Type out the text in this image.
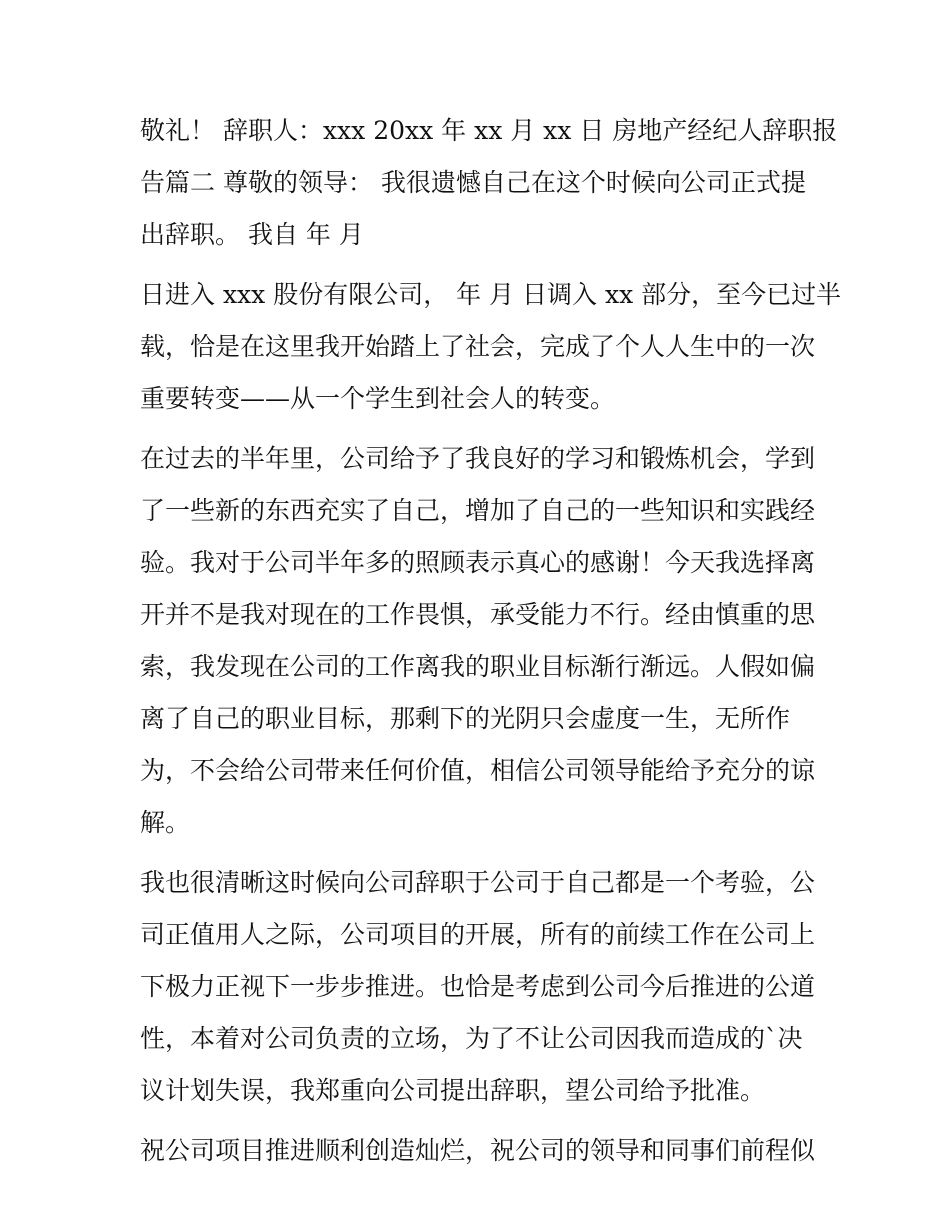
敬礼！ 辞职人：xxx 20xx 年 xx 月 xx 日 房地产经纪人辞职报
告篇二 尊敬的领导： 我很遗憾自己在这个时候向公司正式提
出辞职。 我自 年 月
日进入 xxx 股份有限公司， 年 月 日调入 xx 部分，至今已过半
载，恰是在这里我开始踏上了社会，完成了个人人生中的一次
重要转变——从一个学生到社会人的转变。
在过去的半年里，公司给予了我良好的学习和锻炼机会，学到
了一些新的东西充实了自己，增加了自己的一些知识和实践经
验。我对于公司半年多的照顾表示真心的感谢！今天我选择离
开并不是我对现在的工作畏惧，承受能力不行。经由慎重的思
索，我发现在公司的工作离我的职业目标渐行渐远。人假如偏
离了自己的职业目标，那剩下的光阴只会虚度一生，无所作
为，不会给公司带来任何价值，相信公司领导能给予充分的谅
解。
我也很清晰这时候向公司辞职于公司于自己都是一个考验，公
司正值用人之际，公司项目的开展，所有的前续工作在公司上
下极力正视下一步步推进。也恰是考虑到公司今后推进的公道
性，本着对公司负责的立场，为了不让公司因我而造成的`决
议计划失误，我郑重向公司提出辞职，望公司给予批准。
祝公司项目推进顺利创造灿烂，祝公司的领导和同事们前程似
